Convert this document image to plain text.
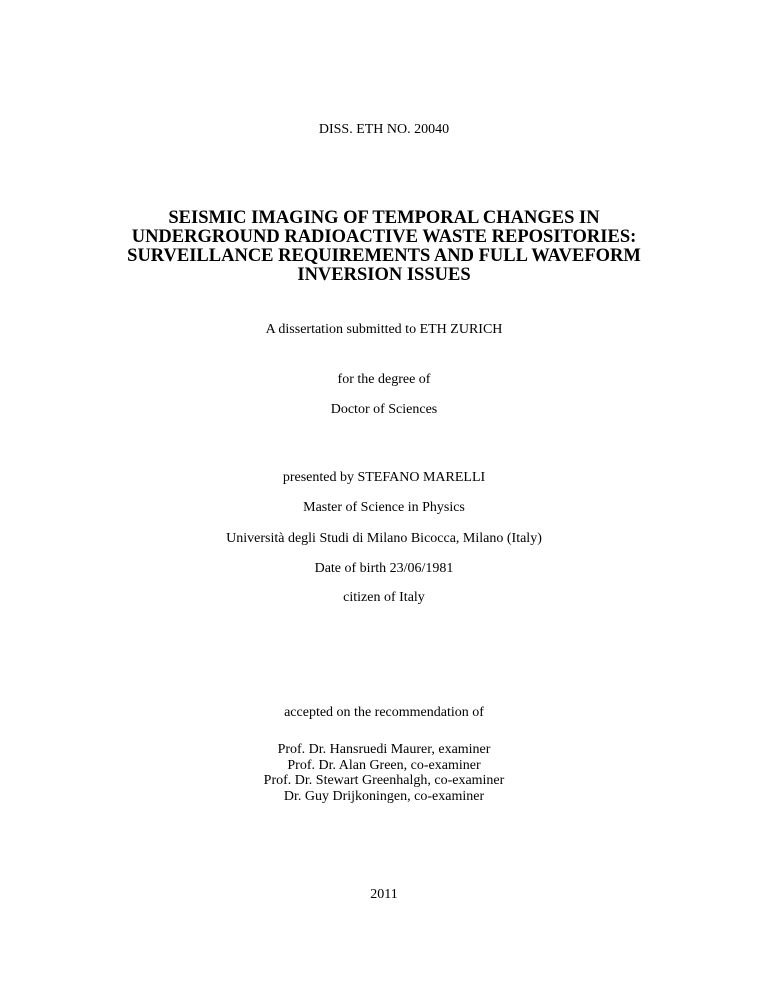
DISS. ETH NO. 20040
SEISMIC IMAGING OF TEMPORAL CHANGES IN
UNDERGROUND RADIOACTIVE WASTE REPOSITORIES:
SURVEILLANCE REQUIREMENTS AND FULL WAVEFORM
INVERSION ISSUES
A dissertation submitted to ETH ZURICH
for the degree of
Doctor of Sciences
presented by STEFANO MARELLI
Master of Science in Physics
Università degli Studi di Milano Bicocca, Milano (Italy)
Date of birth 23/06/1981
citizen of Italy
accepted on the recommendation of
Prof. Dr. Hansruedi Maurer, examiner
Prof. Dr. Alan Green, co-examiner
Prof. Dr. Stewart Greenhalgh, co-examiner
Dr. Guy Drijkoningen, co-examiner
2011
